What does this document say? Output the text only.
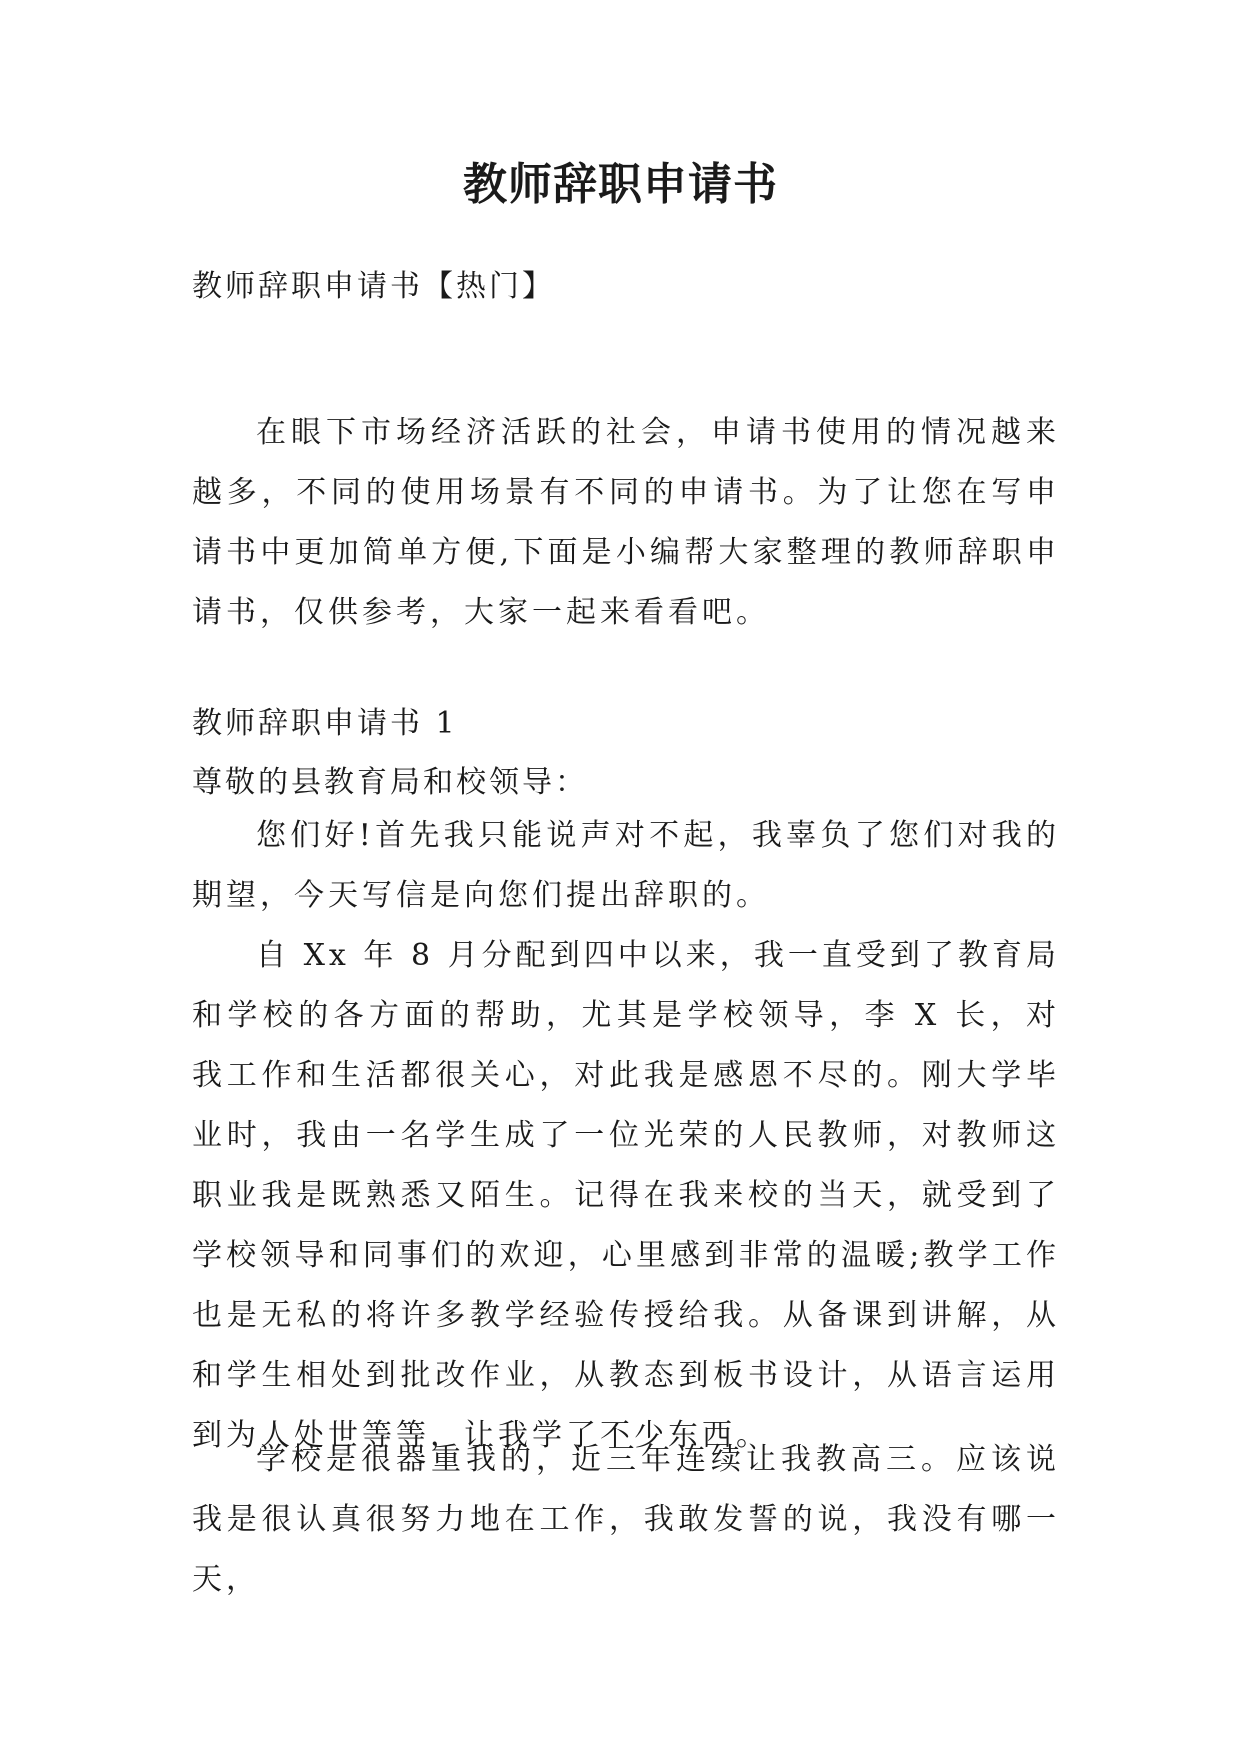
教师辞职申请书

教师辞职申请书【热门】

在眼下市场经济活跃的社会，申请书使用的情况越来越多，不同的使用场景有不同的申请书。为了让您在写申请书中更加简单方便,下面是小编帮大家整理的教师辞职申请书，仅供参考，大家一起来看看吧。

教师辞职申请书 1

尊敬的县教育局和校领导：

您们好!首先我只能说声对不起，我辜负了您们对我的期望，今天写信是向您们提出辞职的。

自 Xx 年 8 月分配到四中以来，我一直受到了教育局和学校的各方面的帮助，尤其是学校领导，李 X 长，对我工作和生活都很关心，对此我是感恩不尽的。刚大学毕业时，我由一名学生成了一位光荣的人民教师，对教师这职业我是既熟悉又陌生。记得在我来校的当天，就受到了学校领导和同事们的欢迎，心里感到非常的温暖;教学工作也是无私的将许多教学经验传授给我。从备课到讲解，从和学生相处到批改作业，从教态到板书设计，从语言运用到为人处世等等，让我学了不少东西。

学校是很器重我的，近三年连续让我教高三。应该说我是很认真很努力地在工作，我敢发誓的说，我没有哪一天，
